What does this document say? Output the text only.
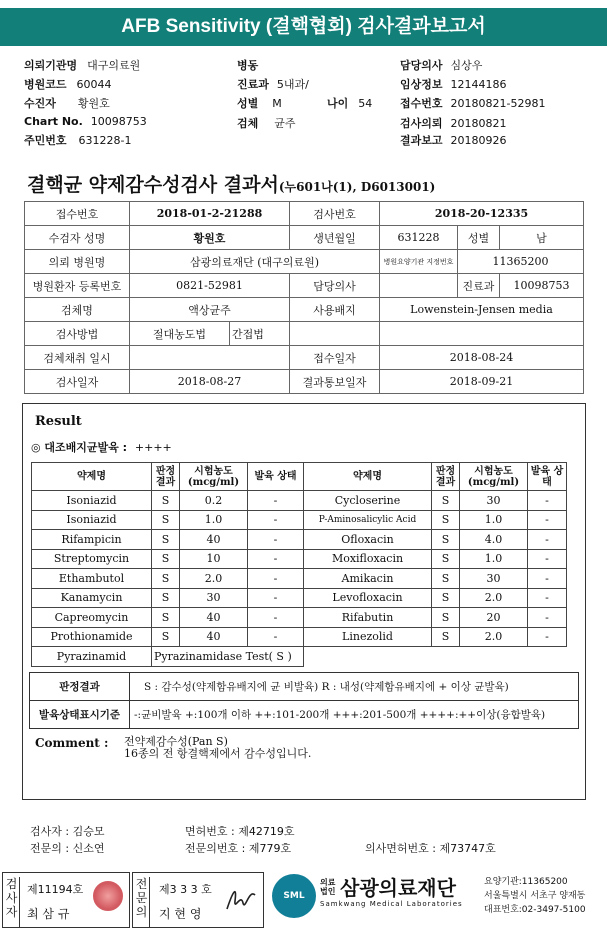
AFB Sensitivity (결핵협회) 검사결과보고서
의뢰기관명 대구의료원
병원코드 60044
수진자 황원호
Chart No. 10098753
주민번호 631228-1
병동
진료과 5내과/
성별 M	나이 54
검체 균주
담당의사 심상우
임상정보 12144186
접수번호 20180821-52981
검사의뢰 20180821
결과보고 20180926
결핵균 약제감수성검사 결과서(누601나(1), D6013001)
접수번호	2018-01-2-21288		검사번호	2018-20-12335		
수검자 성명	황원호		생년월일	631228	성별	남
의뢰 병원명	삼광의료재단 (대구의료원)			병원요양기관 지정번호	11365200	
병원환자 등록번호	0821-52981		담당의사		진료과	10098753
검체명	액상균주		사용배지	Lowenstein-Jensen media		
검사방법	절대농도법	간접법				
검체채취 일시			접수일자	2018-08-24		
검사일자	2018-08-27		결과통보일자	2018-09-21		
Result
◎ 대조배지균발육 : ++++
약제명	판정 결과	시험농도 (mcg/ml)	발육 상태	약제명	판정 결과	시험농도 (mcg/ml)	발육 상태
Isoniazid	S	0.2	-	Cycloserine	S	30	-
Isoniazid	S	1.0	-	P-Aminosalicylic Acid	S	1.0	-
Rifampicin	S	40	-	Ofloxacin	S	4.0	-
Streptomycin	S	10	-	Moxifloxacin	S	1.0	-
Ethambutol	S	2.0	-	Amikacin	S	30	-
Kanamycin	S	30	-	Levofloxacin	S	2.0	-
Capreomycin	S	40	-	Rifabutin	S	20	-
Prothionamide	S	40	-	Linezolid	S	2.0	-
Pyrazinamid	Pyrazinamidase Test( S )						
판정결과	S : 감수성(약제함유배지에 균 비발육) R : 내성(약제함유배지에 + 이상 균발육)
발육상태표시기준	-:균비발육 +:100개 이하 ++:101-200개 +++:201-500개 ++++:++이상(융합발육)
Comment : 전약제감수성(Pan S)
16종의 전 항결핵제에서 감수성입니다.
검사자 : 김승모	면허번호 : 제42719호
전문의 : 신소연	전문의번호 : 제779호	의사면허번호 : 제73747호
검사자
제11194호
최 삼 규
전문의
제3 3 3 호
지 현 영
SML
의료법인 삼광의료재단
Samkwang Medical Laboratories
요양기관:11365200
서울특별시 서초구 양재동
대표번호:02-3497-5100
